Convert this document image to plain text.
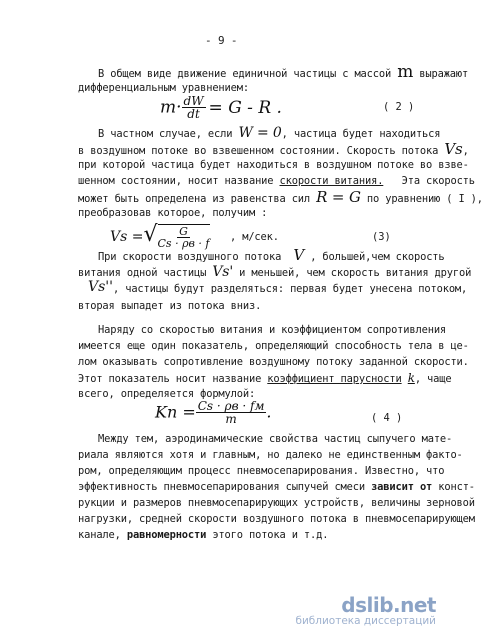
- 9 -
В общем виде движение единичной частицы с массой m выражают
дифференциальным уравнением:
$m\cdot \frac{dW}{dt} = G - R$ .	( 2 )
В частном случае, если W = 0, частица будет находиться
в воздушном потоке во взвешенном состоянии. Скорость потока Vs,
при которой частица будет находиться в воздушном потоке во взве-
шенном состоянии, носит название скорости витания. Эта скорость
может быть определена из равенства сил R = G по уравнению ( I ),
преобразовав которое, получим :
Vs =√ $\frac{G}{Cs \cdot \rho в \cdot f}$ , м/сек.	(3)
При скорости воздушного потока V , большей,чем скорость
витания одной частицы Vs' и меньшей, чем скорость витания другой
Vs'' , частицы будут разделяться: первая будет унесена потоком,
вторая выпадет из потока вниз.
Наряду со скоростью витания и коэффициентом сопротивления
имеется еще один показатель, определяющий способность тела в це-
лом оказывать сопротивление воздушному потоку заданной скорости.
Этот показатель носит название коэффициент парусности k, чаще
всего, определяется формулой:
Kп = $\frac{Cs \cdot \rho в \cdot fм}{m}$ .	( 4 )
Между тем, аэродинамические свойства частиц сыпучего мате-
риала являются хотя и главным, но далеко не единственным факто-
ром, определяющим процесс пневмосепарирования. Известно, что
эффективность пневмосепарирования сыпучей смеси зависит от конст-
рукции и размеров пневмосепарирующих устройств, величины зерновой
нагрузки, средней скорости воздушного потока в пневмосепарирующем
канале, равномерности этого потока и т.д.
dslib.net
библиотека диссертаций
